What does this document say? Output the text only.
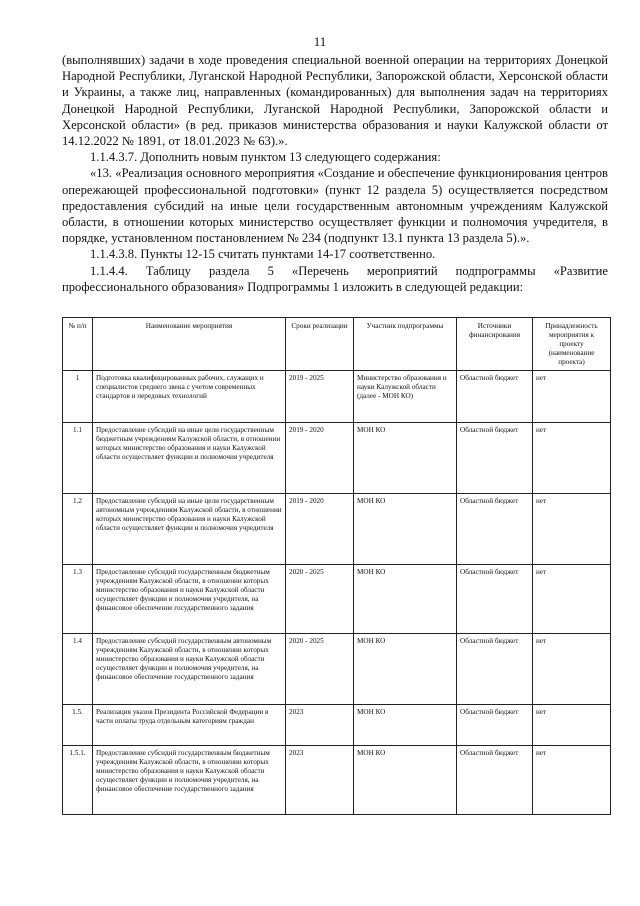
11

(выполнявших) задачи в ходе проведения специальной военной операции на территориях Донецкой Народной Республики, Луганской Народной Республики, Запорожской области, Херсонской области и Украины, а также лиц, направленных (командированных) для выполнения задач на территориях Донецкой Народной Республики, Луганской Народной Республики, Запорожской области и Херсонской области» (в ред. приказов министерства образования и науки Калужской области от 14.12.2022 № 1891, от 18.01.2023 № 63).».

1.1.4.3.7. Дополнить новым пунктом 13 следующего содержания:

«13. «Реализация основного мероприятия «Создание и обеспечение функционирования центров опережающей профессиональной подготовки» (пункт 12 раздела 5) осуществляется посредством предоставления субсидий на иные цели государственным автономным учреждениям Калужской области, в отношении которых министерство осуществляет функции и полномочия учредителя, в порядке, установленном постановлением № 234 (подпункт 13.1 пункта 13 раздела 5).».

1.1.4.3.8. Пункты 12-15 считать пунктами 14-17 соответственно.

1.1.4.4. Таблицу раздела 5 «Перечень мероприятий подпрограммы «Развитие профессионального образования» Подпрограммы 1 изложить в следующей редакции:

№ п/п	Наименование мероприятия	Сроки реализации	Участник подпрограммы	Источники финансирования	Принадлежность мероприятия к проекту (наименование проекта)
1	Подготовка квалифицированных рабочих, служащих и специалистов среднего звена с учетом современных стандартов и передовых технологий	2019 - 2025	Министерство образования и науки Калужской области (далее - МОН КО)	Областной бюджет	нет
1.1	Предоставление субсидий на иные цели государственным бюджетным учреждениям Калужской области, в отношении которых министерство образования и науки Калужской области осуществляет функции и полномочия учредителя	2019 - 2020	МОН КО	Областной бюджет	нет
1.2	Предоставление субсидий на иные цели государственным автономным учреждениям Калужской области, в отношении которых министерство образования и науки Калужской области осуществляет функции и полномочия учредителя	2019 - 2020	МОН КО	Областной бюджет	нет
1.3	Предоставление субсидий государственным бюджетным учреждениям Калужской области, в отношении которых министерство образования и науки Калужской области осуществляет функции и полномочия учредителя, на финансовое обеспечение государственного задания	2020 - 2025	МОН КО	Областной бюджет	нет
1.4	Предоставление субсидий государственным автономным учреждениям Калужской области, в отношении которых министерство образования и науки Калужской области осуществляет функции и полномочия учредителя, на финансовое обеспечение государственного задания	2020 - 2025	МОН КО	Областной бюджет	нет
1.5.	Реализация указов Президента Российской Федерации в части оплаты труда отдельным категориям граждан	2023	МОН КО	Областной бюджет	нет
1.5.1.	Предоставление субсидий государственным бюджетным учреждениям Калужской области, в отношении которых министерство образования и науки Калужской области осуществляет функции и полномочия учредителя, на финансовое обеспечение государственного задания	2023	МОН КО	Областной бюджет	нет
